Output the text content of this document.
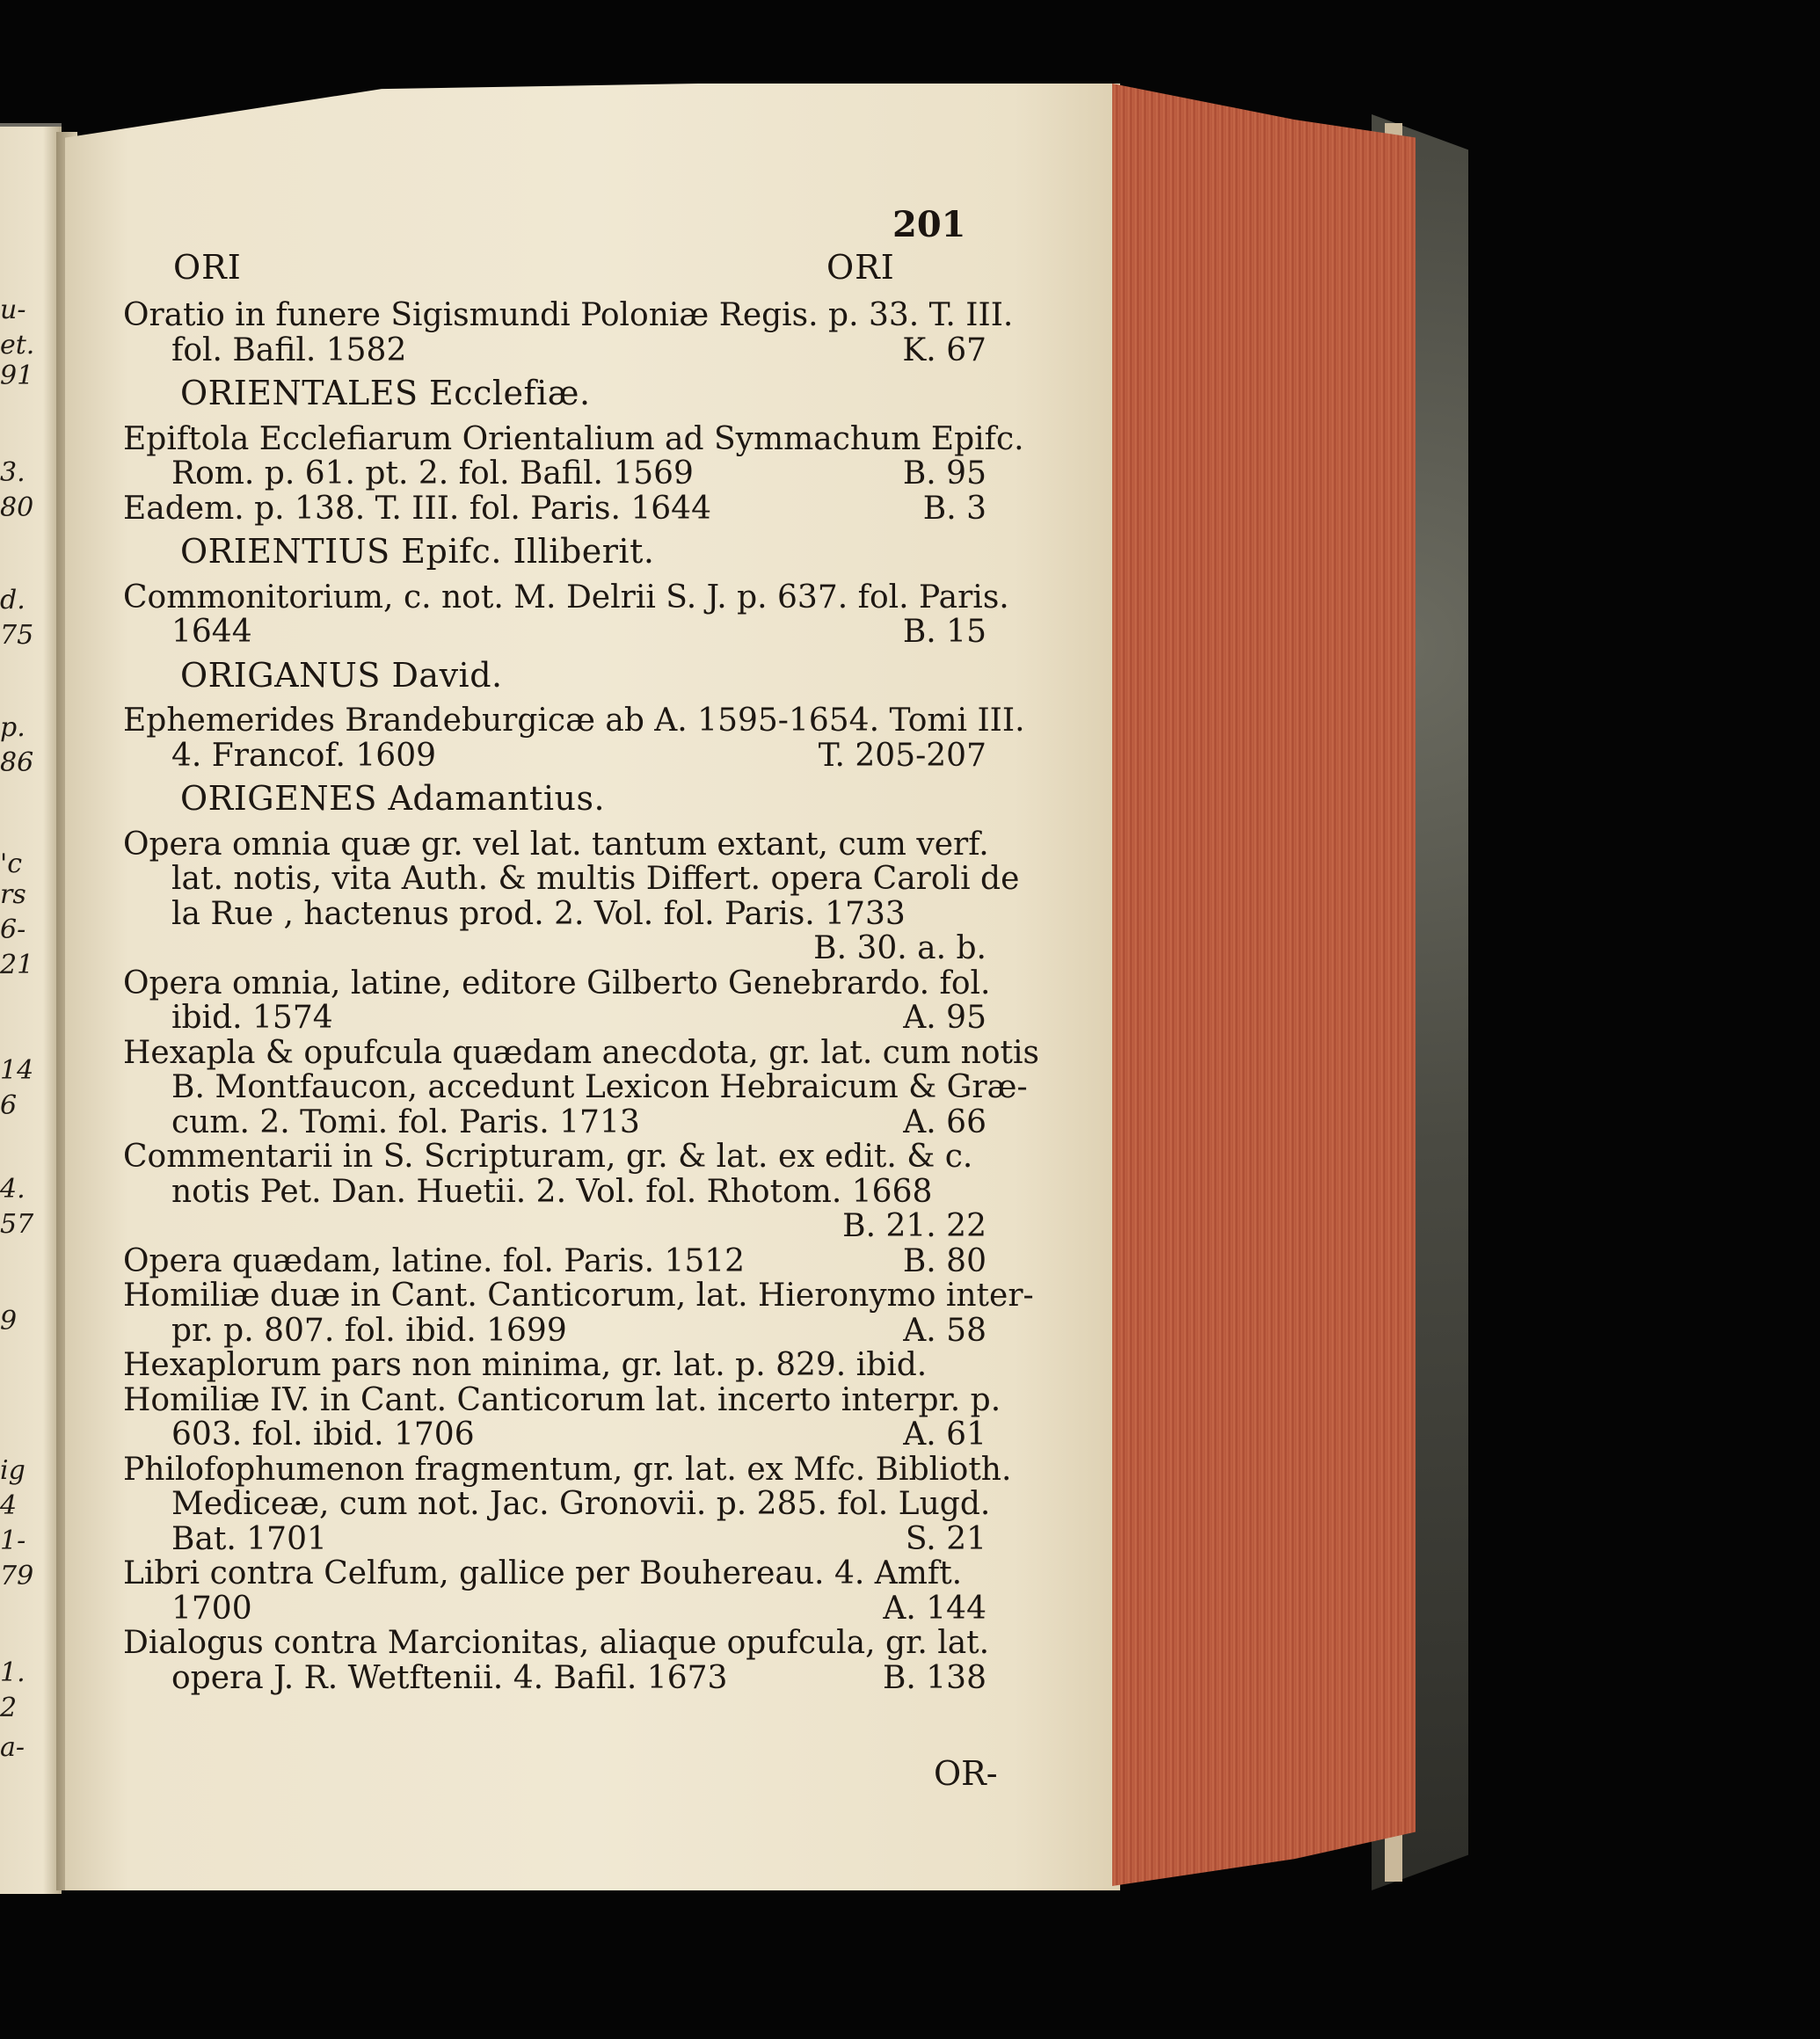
u-
et.
91
3.
80
d.
75
p.
86
'c
rs
6-
21
14
6
4.
57
9
ig
4
1-
79
1.
2
a-
201
ORI	ORI
Oratio in funere Sigismundi Poloniæ Regis. p. 33. T. III.
fol. Bafil. 1582	K. 67
ORIENTALES Ecclefiæ.
Epiftola Ecclefiarum Orientalium ad Symmachum Epifc.
Rom. p. 61. pt. 2. fol. Bafil. 1569	B. 95
Eadem. p. 138. T. III. fol. Paris. 1644	B. 3
ORIENTIUS Epifc. Illiberit.
Commonitorium, c. not. M. Delrii S. J. p. 637. fol. Paris.
1644	B. 15
ORIGANUS David.
Ephemerides Brandeburgicæ ab A. 1595-1654. Tomi III.
4. Francof. 1609	T. 205-207
ORIGENES Adamantius.
Opera omnia quæ gr. vel lat. tantum extant, cum verf.
lat. notis, vita Auth. & multis Differt. opera Caroli de
la Rue , hactenus prod. 2. Vol. fol. Paris. 1733
B. 30. a. b.
Opera omnia, latine, editore Gilberto Genebrardo. fol.
ibid. 1574	A. 95
Hexapla & opufcula quædam anecdota, gr. lat. cum notis
B. Montfaucon, accedunt Lexicon Hebraicum & Græ-
cum. 2. Tomi. fol. Paris. 1713	A. 66
Commentarii in S. Scripturam, gr. & lat. ex edit. & c.
notis Pet. Dan. Huetii. 2. Vol. fol. Rhotom. 1668
B. 21. 22
Opera quædam, latine. fol. Paris. 1512	B. 80
Homiliæ duæ in Cant. Canticorum, lat. Hieronymo inter-
pr. p. 807. fol. ibid. 1699	A. 58
Hexaplorum pars non minima, gr. lat. p. 829. ibid.
Homiliæ IV. in Cant. Canticorum lat. incerto interpr. p.
603. fol. ibid. 1706	A. 61
Philofophumenon fragmentum, gr. lat. ex Mfc. Biblioth.
Mediceæ, cum not. Jac. Gronovii. p. 285. fol. Lugd.
Bat. 1701	S. 21
Libri contra Celfum, gallice per Bouhereau. 4. Amft.
1700	A. 144
Dialogus contra Marcionitas, aliaque opufcula, gr. lat.
opera J. R. Wetftenii. 4. Bafil. 1673	B. 138
OR-
